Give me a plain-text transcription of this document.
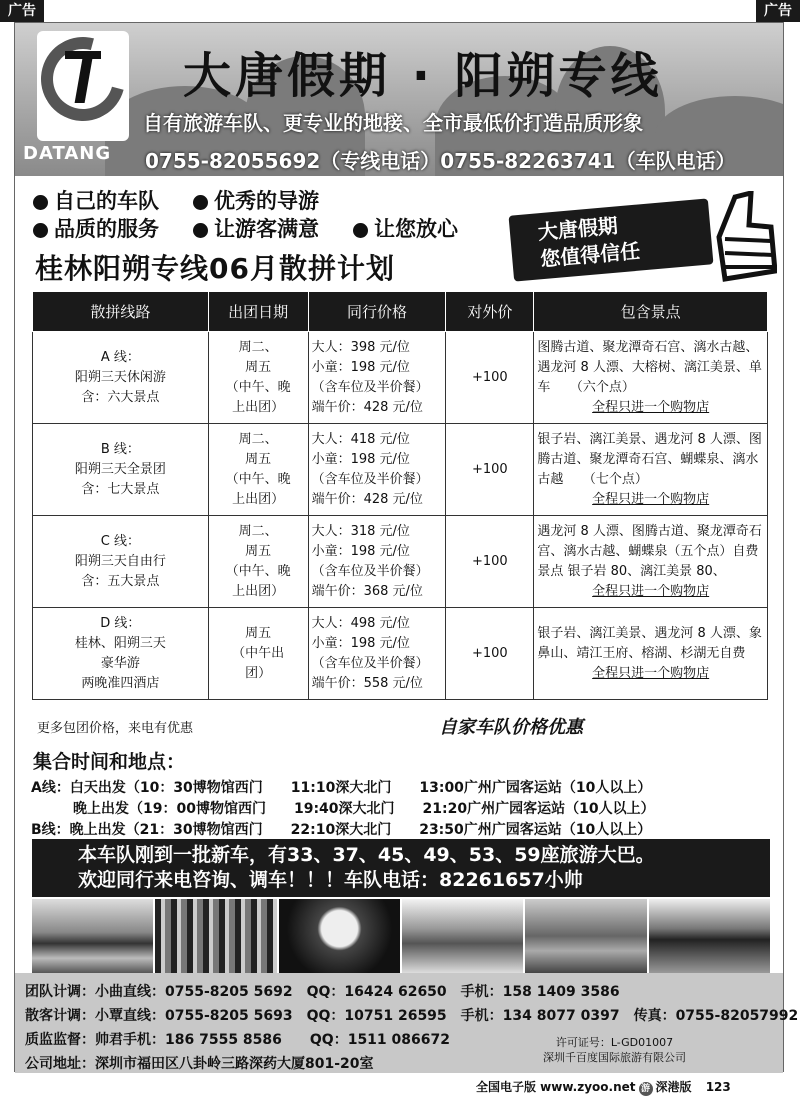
广告	广告
DATANG
大唐假期 · 阳朔专线
自有旅游车队、更专业的地接、全市最低价打造品质形象
0755-82055692（专线电话）0755-82263741（车队电话）
自己的车队	优秀的导游
品质的服务	让游客满意	让您放心	大唐假期
您值得信任
桂林阳朔专线06月散拼计划
散拼线路	出团日期	同行价格	对外价	包含景点

A 线：
阳朔三天休闲游
含：六大景点	周二、
周五
（中午、晚
上出团）	大人：398 元/位
小童：198 元/位
（含车位及半价餐）
端午价：428 元/位	+100	图腾古道、聚龙潭奇石宫、漓水古越、遇龙河 8 人漂、大榕树、漓江美景、单车　　（六个点）
全程只进一个购物店

B 线：
阳朔三天全景团
含：七大景点	周二、
周五
（中午、晚
上出团）	大人：418 元/位
小童：198 元/位
（含车位及半价餐）
端午价：428 元/位	+100	银子岩、漓江美景、遇龙河 8 人漂、图腾古道、聚龙潭奇石宫、蝴蝶泉、漓水古越　　（七个点）
全程只进一个购物店

C 线：
阳朔三天自由行
含：五大景点	周二、
周五
（中午、晚
上出团）	大人：318 元/位
小童：198 元/位
（含车位及半价餐）
端午价：368 元/位	+100	遇龙河 8 人漂、图腾古道、聚龙潭奇石宫、漓水古越、蝴蝶泉（五个点）自费景点 银子岩 80、漓江美景 80、
全程只进一个购物店

D 线：
桂林、阳朔三天
豪华游
两晚准四酒店	周五
（中午出
团）	大人：498 元/位
小童：198 元/位
（含车位及半价餐）
端午价：558 元/位	+100	银子岩、漓江美景、遇龙河 8 人漂、象鼻山、靖江王府、榕湖、杉湖无自费
全程只进一个购物店
更多包团价格，来电有优惠	自家车队价格优惠
集合时间和地点：
A线：白天出发（10：30博物馆西门　　11:10深大北门　　13:00广州广园客运站（10人以上）
　　　晚上出发（19：00博物馆西门　　19:40深大北门　　21:20广州广园客运站（10人以上）
B线：晚上出发（21：30博物馆西门　　22:10深大北门　　23:50广州广园客运站（10人以上）
本车队刚到一批新车，有33、37、45、49、53、59座旅游大巴。
欢迎同行来电咨询、调车！！！车队电话：82261657小帅
团队计调：小曲直线：0755-8205 5692　QQ：16424 62650　手机：158 1409 3586
散客计调：小覃直线：0755-8205 5693　QQ：10751 26595　手机：134 8077 0397　传真：0755-82057992
质监监督：帅君手机：186 7555 8586　　QQ：1511 086672
公司地址：深圳市福田区八卦岭三路深药大厦801-20室
许可证号：L-GD01007
深圳千百度国际旅游有限公司
全国电子版 www.zyoo.net 游 深港版 123
